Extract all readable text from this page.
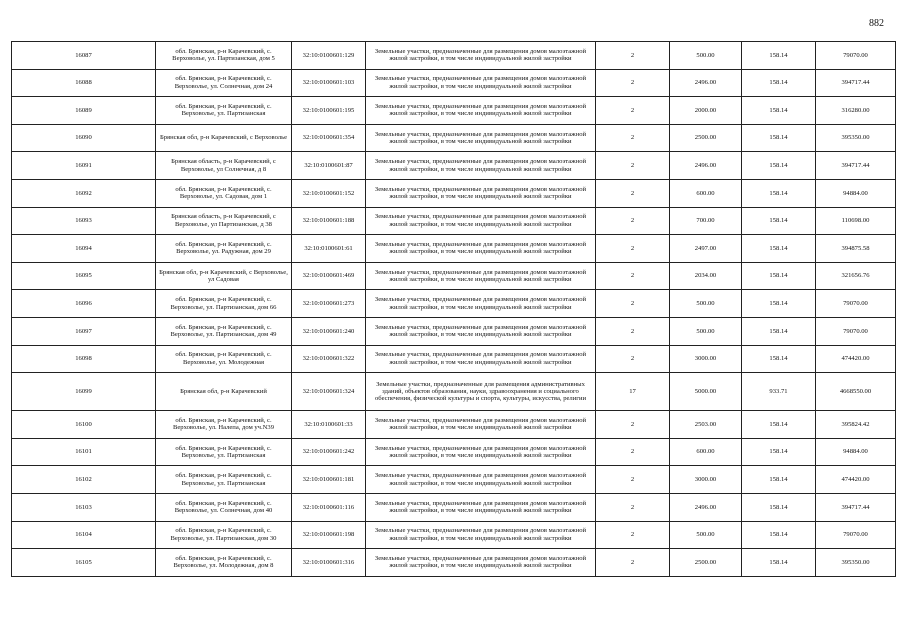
882
16087	обл. Брянская, р-н Карачевский, с. Верховолье, ул. Партизанская, дом 5	32:10:0100601:129	Земельные участки, предназначенные для размещения домов малоэтажной жилой застройки, в том числе индивидуальной жилой застройки	2	500.00	158.14	79070.00
16088	обл. Брянская, р-н Карачевский, с. Верховолье, ул. Солнечная, дом 24	32:10:0100601:103	Земельные участки, предназначенные для размещения домов малоэтажной жилой застройки, в том числе индивидуальной жилой застройки	2	2496.00	158.14	394717.44
16089	обл. Брянская, р-н Карачевский, с. Верховолье, ул. Партизанская	32:10:0100601:195	Земельные участки, предназначенные для размещения домов малоэтажной жилой застройки, в том числе индивидуальной жилой застройки	2	2000.00	158.14	316280.00
16090	Брянская обл, р-н Карачевский, с Верховолье	32:10:0100601:354	Земельные участки, предназначенные для размещения домов малоэтажной жилой застройки, в том числе индивидуальной жилой застройки	2	2500.00	158.14	395350.00
16091	Брянская область, р-н Карачевский, с Верховолье, ул Солнечная, д 8	32:10:0100601:87	Земельные участки, предназначенные для размещения домов малоэтажной жилой застройки, в том числе индивидуальной жилой застройки	2	2496.00	158.14	394717.44
16092	обл. Брянская, р-н Карачевский, с. Верховолье, ул. Садовая, дом 1	32:10:0100601:152	Земельные участки, предназначенные для размещения домов малоэтажной жилой застройки, в том числе индивидуальной жилой застройки	2	600.00	158.14	94884.00
16093	Брянская область, р-н Карачевский, с Верховолье, ул Партизанская, д 38	32:10:0100601:188	Земельные участки, предназначенные для размещения домов малоэтажной жилой застройки, в том числе индивидуальной жилой застройки	2	700.00	158.14	110698.00
16094	обл. Брянская, р-н Карачевский, с. Верховолье, ул. Радужная, дом 29	32:10:0100601:61	Земельные участки, предназначенные для размещения домов малоэтажной жилой застройки, в том числе индивидуальной жилой застройки	2	2497.00	158.14	394875.58
16095	Брянская обл, р-н Карачевский, с Верховолье, ул Садовая	32:10:0100601:469	Земельные участки, предназначенные для размещения домов малоэтажной жилой застройки, в том числе индивидуальной жилой застройки	2	2034.00	158.14	321656.76
16096	обл. Брянская, р-н Карачевский, с. Верховолье, ул. Партизанская, дом 66	32:10:0100601:273	Земельные участки, предназначенные для размещения домов малоэтажной жилой застройки, в том числе индивидуальной жилой застройки	2	500.00	158.14	79070.00
16097	обл. Брянская, р-н Карачевский, с. Верховолье, ул. Партизанская, дом 49	32:10:0100601:240	Земельные участки, предназначенные для размещения домов малоэтажной жилой застройки, в том числе индивидуальной жилой застройки	2	500.00	158.14	79070.00
16098	обл. Брянская, р-н Карачевский, с. Верховолье, ул. Молодежная	32:10:0100601:322	Земельные участки, предназначенные для размещения домов малоэтажной жилой застройки, в том числе индивидуальной жилой застройки	2	3000.00	158.14	474420.00
16099	Брянская обл, р-н Карачевский	32:10:0100601:324	Земельные участки, предназначенные для размещения административных зданий, объектов образования, науки, здравоохранения и социального обеспечения, физической культуры и спорта, культуры, искусства, религии	17	5000.00	933.71	4668550.00
16100	обл. Брянская, р-н Карачевский, с. Верховолье, ул. Налепа, дом уч.N39	32:10:0100601:33	Земельные участки, предназначенные для размещения домов малоэтажной жилой застройки, в том числе индивидуальной жилой застройки	2	2503.00	158.14	395824.42
16101	обл. Брянская, р-н Карачевский, с. Верховолье, ул. Партизанская	32:10:0100601:242	Земельные участки, предназначенные для размещения домов малоэтажной жилой застройки, в том числе индивидуальной жилой застройки	2	600.00	158.14	94884.00
16102	обл. Брянская, р-н Карачевский, с. Верховолье, ул. Партизанская	32:10:0100601:181	Земельные участки, предназначенные для размещения домов малоэтажной жилой застройки, в том числе индивидуальной жилой застройки	2	3000.00	158.14	474420.00
16103	обл. Брянская, р-н Карачевский, с. Верховолье, ул. Солнечная, дом 40	32:10:0100601:116	Земельные участки, предназначенные для размещения домов малоэтажной жилой застройки, в том числе индивидуальной жилой застройки	2	2496.00	158.14	394717.44
16104	обл. Брянская, р-н Карачевский, с. Верховолье, ул. Партизанская, дом 30	32:10:0100601:198	Земельные участки, предназначенные для размещения домов малоэтажной жилой застройки, в том числе индивидуальной жилой застройки	2	500.00	158.14	79070.00
16105	обл. Брянская, р-н Карачевский, с. Верховолье, ул. Молодежная, дом 8	32:10:0100601:316	Земельные участки, предназначенные для размещения домов малоэтажной жилой застройки, в том числе индивидуальной жилой застройки	2	2500.00	158.14	395350.00
